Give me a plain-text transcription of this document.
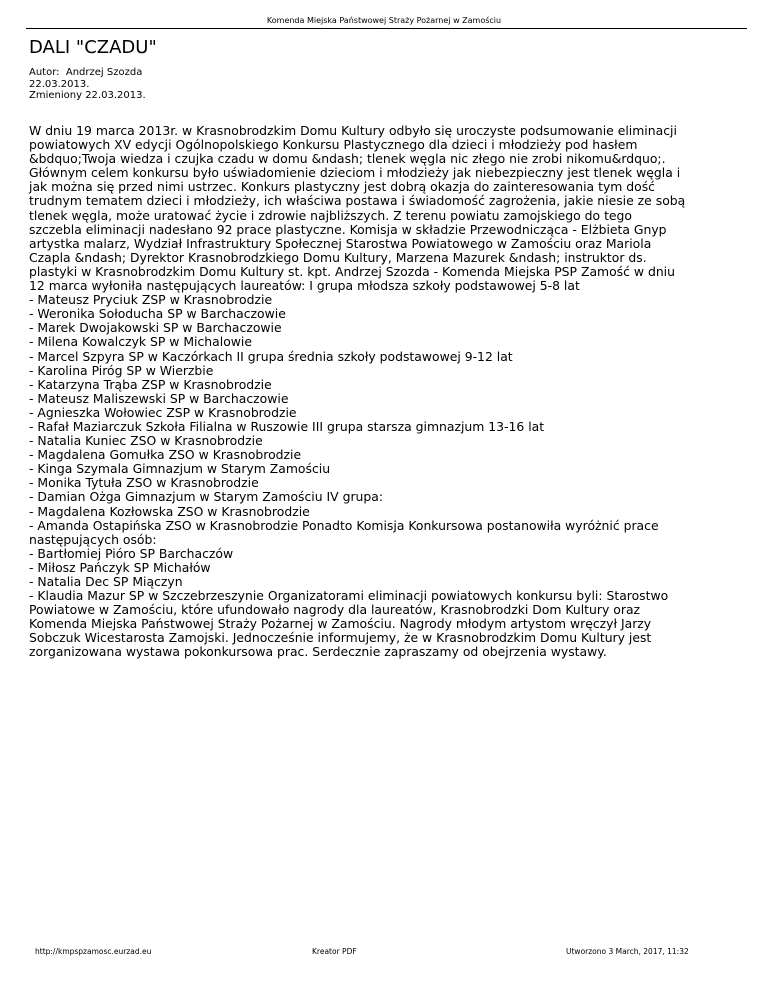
Komenda Miejska Państwowej Straży Pożarnej w Zamościu
DALI "CZADU"
Autor:  Andrzej Szozda
22.03.2013.
Zmieniony 22.03.2013.
W dniu 19 marca 2013r. w Krasnobrodzkim Domu Kultury odbyło się uroczyste podsumowanie eliminacji
powiatowych XV edycji Ogólnopolskiego Konkursu Plastycznego dla dzieci i młodzieży pod hasłem
&bdquo;Twoja wiedza i czujka czadu w domu &ndash; tlenek węgla nic złego nie zrobi nikomu&rdquo;.
Głównym celem konkursu było uświadomienie dzieciom i młodzieży jak niebezpieczny jest tlenek węgla i
jak można się przed nimi ustrzec. Konkurs plastyczny jest dobrą okazja do zainteresowania tym dość
trudnym tematem dzieci i młodzieży, ich właściwa postawa i świadomość zagrożenia, jakie niesie ze sobą
tlenek węgla, może uratować życie i zdrowie najbliższych. Z terenu powiatu zamojskiego do tego
szczebla eliminacji nadesłano 92 prace plastyczne. Komisja w składzie Przewodnicząca - Elżbieta Gnyp
artystka malarz, Wydział Infrastruktury Społecznej Starostwa Powiatowego w Zamościu oraz Mariola
Czapla &ndash; Dyrektor Krasnobrodzkiego Domu Kultury, Marzena Mazurek &ndash; instruktor ds.
plastyki w Krasnobrodzkim Domu Kultury st. kpt. Andrzej Szozda - Komenda Miejska PSP Zamość w dniu
12 marca wyłoniła następujących laureatów: I grupa młodsza szkoły podstawowej 5-8 lat
- Mateusz Pryciuk ZSP w Krasnobrodzie
- Weronika Sołoducha SP w Barchaczowie
- Marek Dwojakowski SP w Barchaczowie
- Milena Kowalczyk SP w Michalowie
- Marcel Szpyra SP w Kaczórkach II grupa średnia szkoły podstawowej 9-12 lat
- Karolina Piróg SP w Wierzbie
- Katarzyna Trąba ZSP w Krasnobrodzie
- Mateusz Maliszewski SP w Barchaczowie
- Agnieszka Wołowiec ZSP w Krasnobrodzie
- Rafał Maziarczuk Szkoła Filialna w Ruszowie III grupa starsza gimnazjum 13-16 lat
- Natalia Kuniec ZSO w Krasnobrodzie
- Magdalena Gomułka ZSO w Krasnobrodzie
- Kinga Szymala Gimnazjum w Starym Zamościu
- Monika Tytuła ZSO w Krasnobrodzie
- Damian Ożga Gimnazjum w Starym Zamościu IV grupa:
- Magdalena Kozłowska ZSO w Krasnobrodzie
- Amanda Ostapińska ZSO w Krasnobrodzie Ponadto Komisja Konkursowa postanowiła wyróżnić prace
następujących osób:
- Bartłomiej Pióro SP Barchaczów
- Miłosz Pańczyk SP Michałów
- Natalia Dec SP Miączyn
- Klaudia Mazur SP w Szczebrzeszynie Organizatorami eliminacji powiatowych konkursu byli: Starostwo
Powiatowe w Zamościu, które ufundowało nagrody dla laureatów, Krasnobrodzki Dom Kultury oraz
Komenda Miejska Państwowej Straży Pożarnej w Zamościu. Nagrody młodym artystom wręczył Jarzy
Sobczuk Wicestarosta Zamojski. Jednocześnie informujemy, że w Krasnobrodzkim Domu Kultury jest
zorganizowana wystawa pokonkursowa prac. Serdecznie zapraszamy od obejrzenia wystawy.
http://kmpspzamosc.eurzad.eu	Kreator PDF	Utworzono 3 March, 2017, 11:32
